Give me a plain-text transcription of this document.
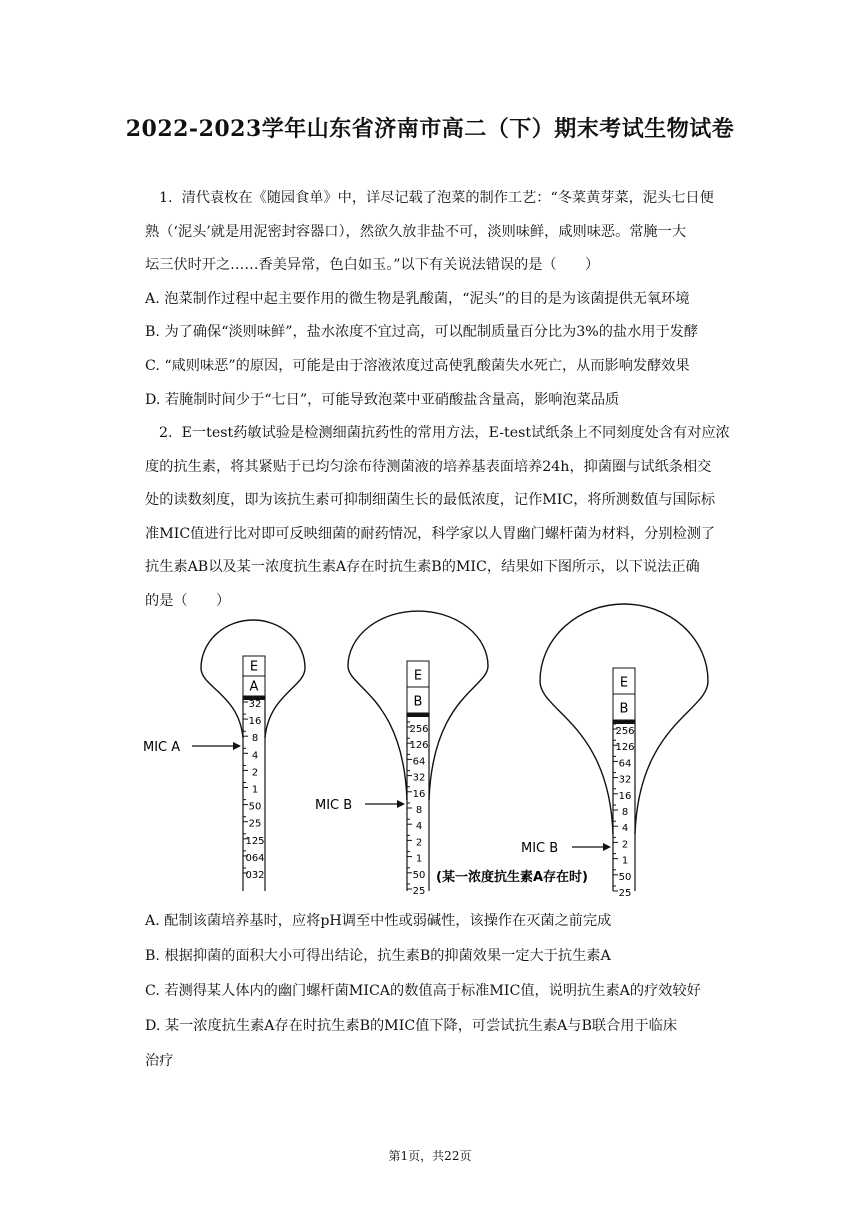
2022-2023学年山东省济南市高二（下）期末考试生物试卷
1. 清代袁枚在《随园食单》中，详尽记载了泡菜的制作工艺：“冬菜黄芽菜，泥头七日便
熟（‘泥头’就是用泥密封容器口），然欲久放非盐不可，淡则味鲜，咸则味恶。常腌一大
坛三伏时开之……香美异常，色白如玉。”以下有关说法错误的是（　　）
A. 泡菜制作过程中起主要作用的微生物是乳酸菌，“泥头”的目的是为该菌提供无氧环境
B. 为了确保“淡则味鲜”，盐水浓度不宜过高，可以配制质量百分比为3%的盐水用于发酵
C. “咸则味恶”的原因，可能是由于溶液浓度过高使乳酸菌失水死亡，从而影响发酵效果
D. 若腌制时间少于“七日”，可能导致泡菜中亚硝酸盐含量高，影响泡菜品质
2. E一test药敏试验是检测细菌抗药性的常用方法，E-test试纸条上不同刻度处含有对应浓
度的抗生素，将其紧贴于已均匀涂布待测菌液的培养基表面培养24h，抑菌圈与试纸条相交
处的读数刻度，即为该抗生素可抑制细菌生长的最低浓度，记作MIC，将所测数值与国际标
准MIC值进行比对即可反映细菌的耐药情况，科学家以人胃幽门螺杆菌为材料，分别检测了
抗生素AB以及某一浓度抗生素A存在时抗生素B的MIC，结果如下图所示，以下说法正确
的是（　　）
E
A
32
16
8
4
2
1
50
25
125
064
032
MIC A
E
B
256
126
64
32
16
8
4
2
1
50
25
MIC B
E
B
256
126
64
32
16
8
4
2
1
50
25
MIC B
(某一浓度抗生素A存在时)
A. 配制该菌培养基时，应将pH调至中性或弱碱性，该操作在灭菌之前完成
B. 根据抑菌的面积大小可得出结论，抗生素B的抑菌效果一定大于抗生素A
C. 若测得某人体内的幽门螺杆菌MICA的数值高于标准MIC值，说明抗生素A的疗效较好
D. 某一浓度抗生素A存在时抗生素B的MIC值下降，可尝试抗生素A与B联合用于临床
治疗
第1页，共22页
